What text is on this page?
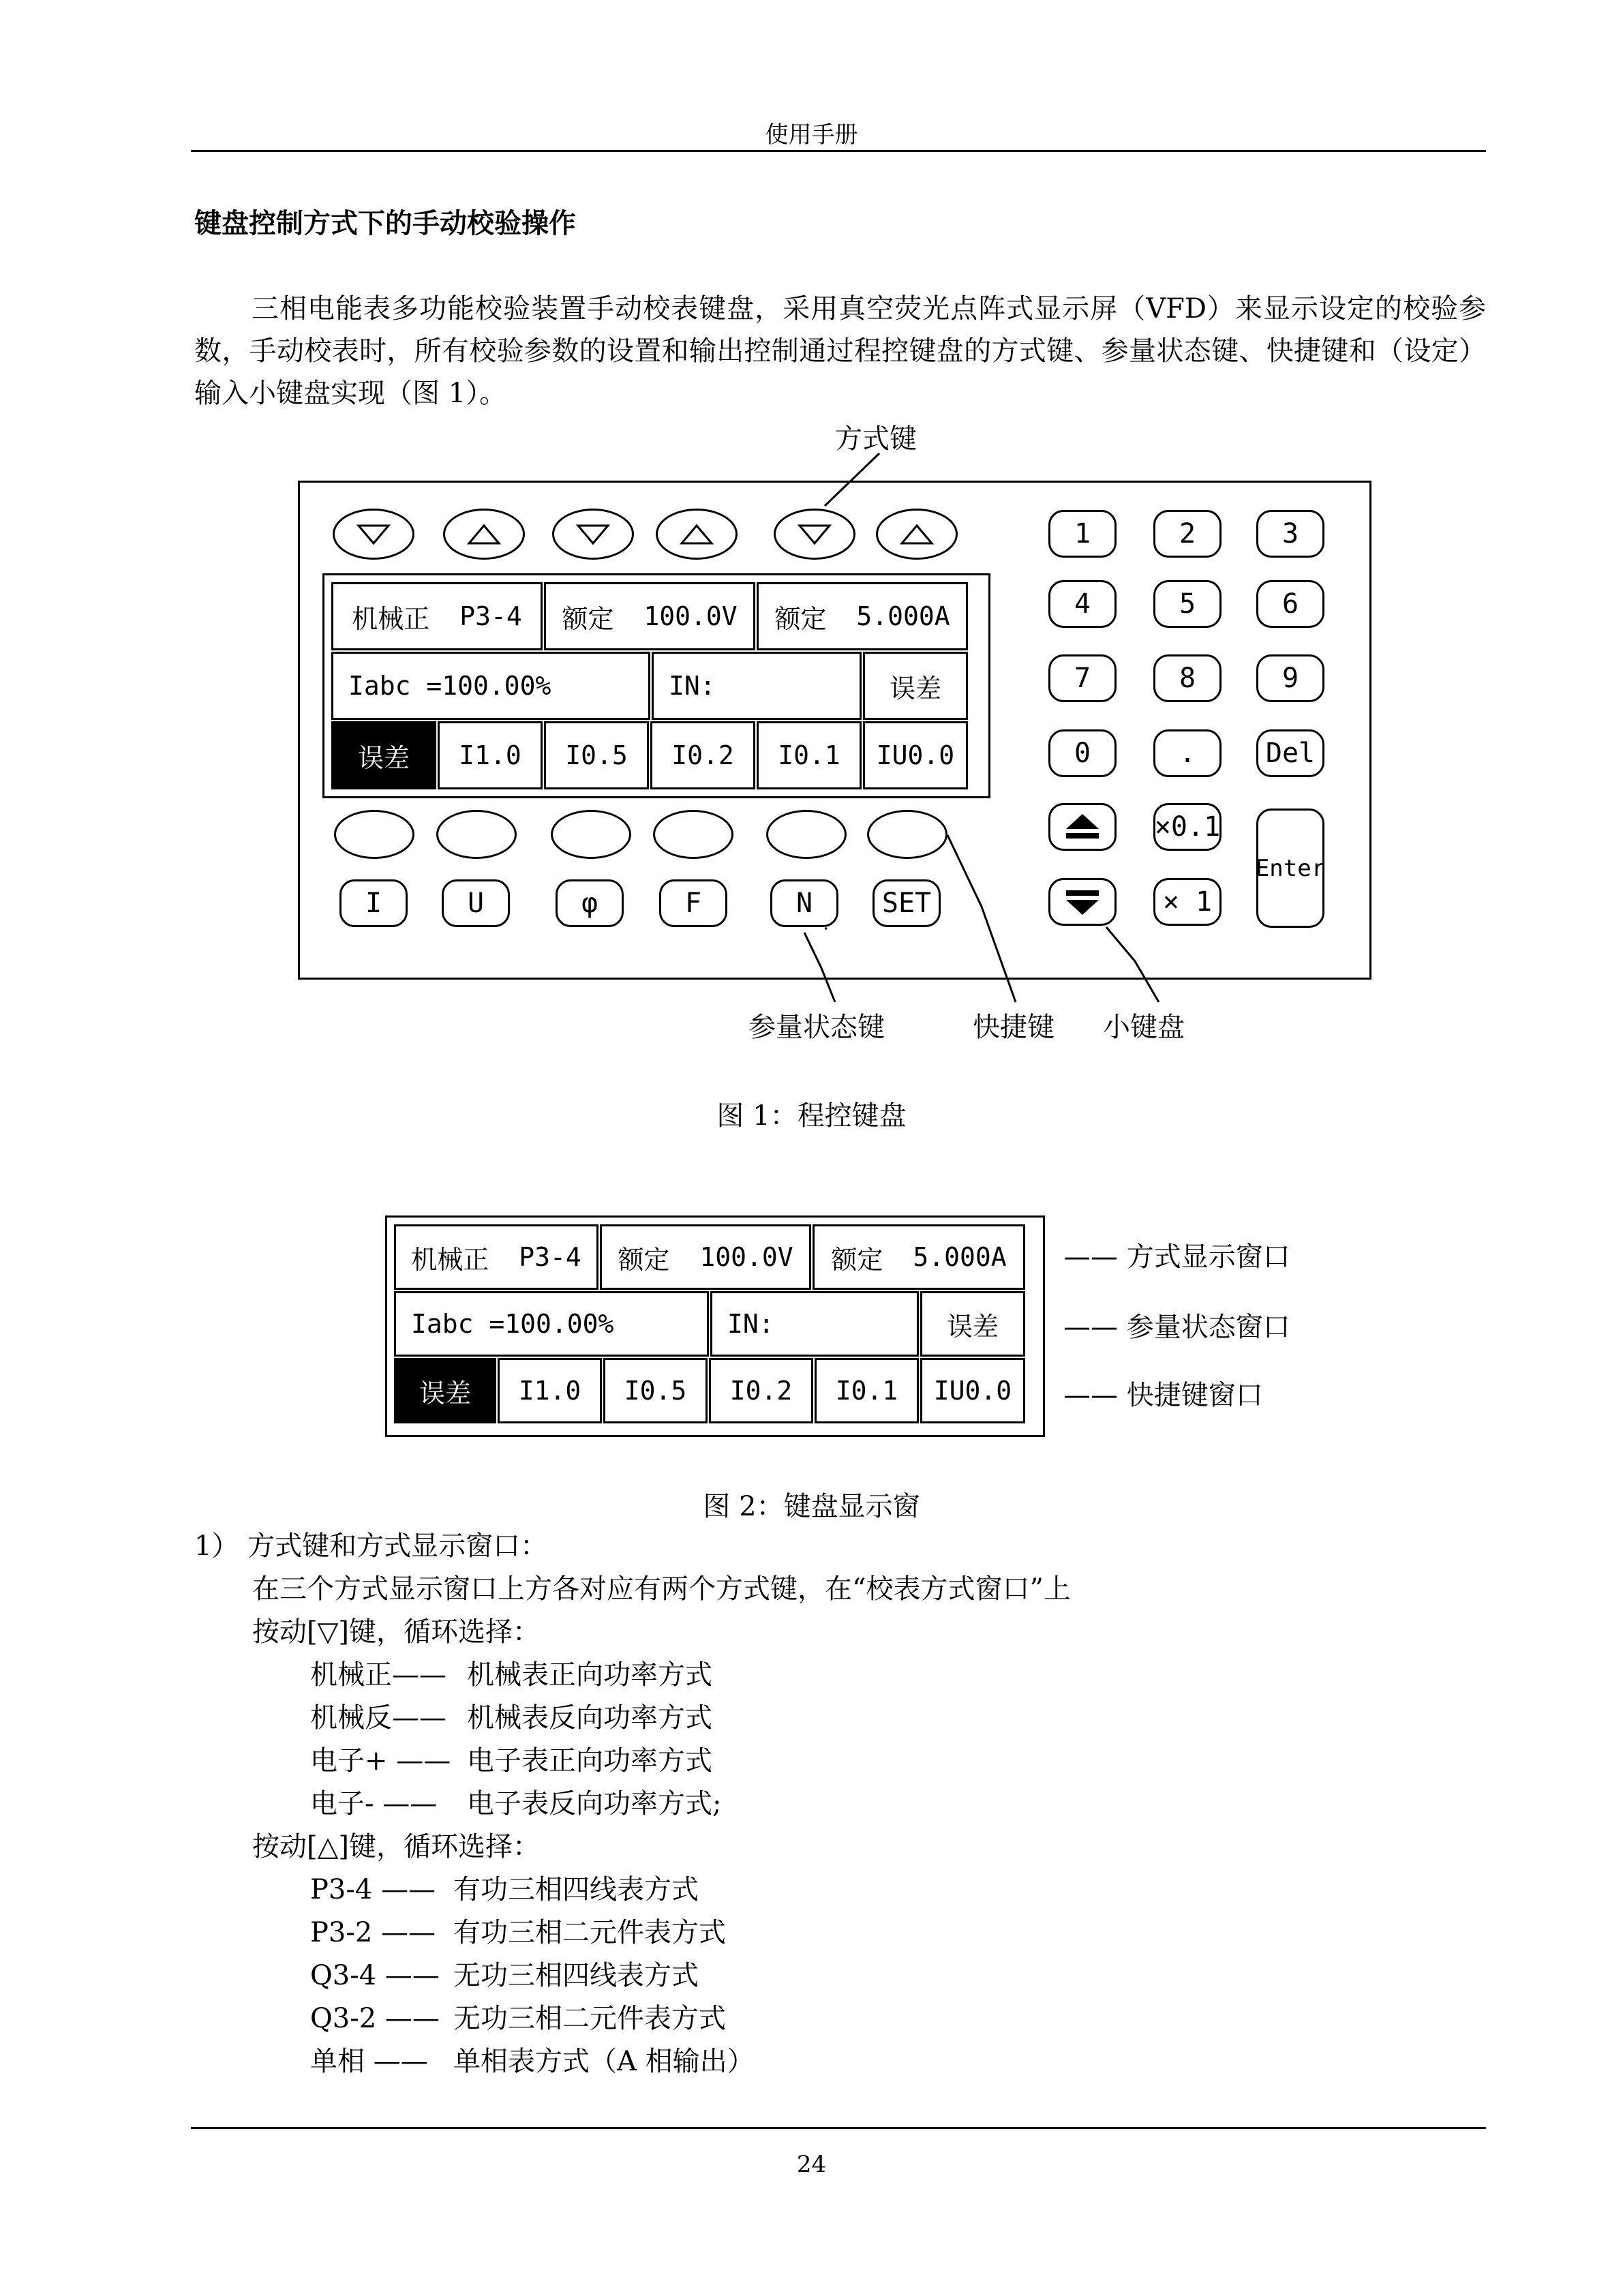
使用手册
键盘控制方式下的手动校验操作
三相电能表多功能校验装置手动校表键盘，采用真空荧光点阵式显示屏（VFD）来显示设定的校验参数，手动校表时，所有校验参数的设置和输出控制通过程控键盘的方式键、参量状态键、快捷键和（设定）输入小键盘实现（图 1）。
方式键
参量状态键	快捷键 小键盘
机械正 P3-4 额定 100.0V 额定 5.000A
Iabc =100.00%	IN:	误差
误差	I1.0	I0.5	I0.2	I0.1	IU0.0
I	U	φ	F	N	SET
1	2	3
4	5	6
7	8	9
0	.	Del
×0.1
× 1
Enter
图 1：程控键盘
机械正 P3-4 额定 100.0V 额定 5.000A
Iabc =100.00%	IN:	误差
误差	I1.0	I0.5	I0.2	I0.1	IU0.0
—— 方式显示窗口
—— 参量状态窗口
—— 快捷键窗口
图 2：键盘显示窗
1） 方式键和方式显示窗口：
在三个方式显示窗口上方各对应有两个方式键，在“校表方式窗口”上
按动[▽]键，循环选择：
机械正—— 机械表正向功率方式
机械反—— 机械表反向功率方式
电子+ —— 电子表正向功率方式
电子- —— 电子表反向功率方式;
按动[△]键，循环选择：
P3-4 —— 有功三相四线表方式
P3-2 —— 有功三相二元件表方式
Q3-4 —— 无功三相四线表方式
Q3-2 —— 无功三相二元件表方式
单相 —— 单相表方式（A 相输出）
24
